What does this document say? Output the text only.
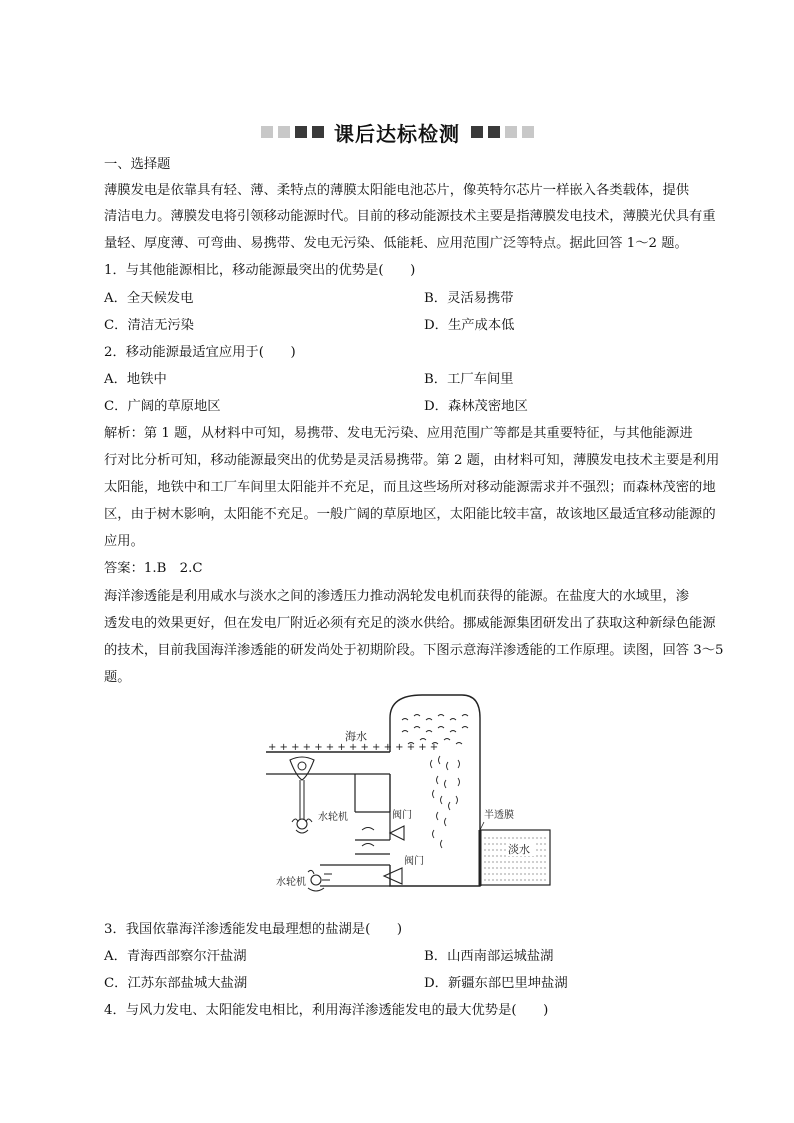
课后达标检测
一、选择题
薄膜发电是依靠具有轻、薄、柔特点的薄膜太阳能电池芯片，像英特尔芯片一样嵌入各类载体，提供
清洁电力。薄膜发电将引领移动能源时代。目前的移动能源技术主要是指薄膜发电技术，薄膜光伏具有重
量轻、厚度薄、可弯曲、易携带、发电无污染、低能耗、应用范围广泛等特点。据此回答 1～2 题。
1．与其他能源相比，移动能源最突出的优势是(　　)
A．全天候发电	B．灵活易携带
C．清洁无污染	D．生产成本低
2．移动能源最适宜应用于(　　)
A．地铁中	B．工厂车间里
C．广阔的草原地区	D．森林茂密地区
解析：第 1 题，从材料中可知，易携带、发电无污染、应用范围广等都是其重要特征，与其他能源进
行对比分析可知，移动能源最突出的优势是灵活易携带。第 2 题，由材料可知，薄膜发电技术主要是利用
太阳能，地铁中和工厂车间里太阳能并不充足，而且这些场所对移动能源需求并不强烈；而森林茂密的地
区，由于树木影响，太阳能不充足。一般广阔的草原地区，太阳能比较丰富，故该地区最适宜移动能源的
应用。
答案：1.B　2.C
海洋渗透能是利用咸水与淡水之间的渗透压力推动涡轮发电机而获得的能源。在盐度大的水域里，渗
透发电的效果更好，但在发电厂附近必须有充足的淡水供给。挪威能源集团研发出了获取这种新绿色能源
的技术，目前我国海洋渗透能的研发尚处于初期阶段。下图示意海洋渗透能的工作原理。读图，回答 3～5
题。
+ + + + + + + + + + + + + + +
海水
水轮机	阀门
阀门
水轮机
淡水
半透膜
3．我国依靠海洋渗透能发电最理想的盐湖是(　　)
A．青海西部察尔汗盐湖	B．山西南部运城盐湖
C．江苏东部盐城大盐湖	D．新疆东部巴里坤盐湖
4．与风力发电、太阳能发电相比，利用海洋渗透能发电的最大优势是(　　)
